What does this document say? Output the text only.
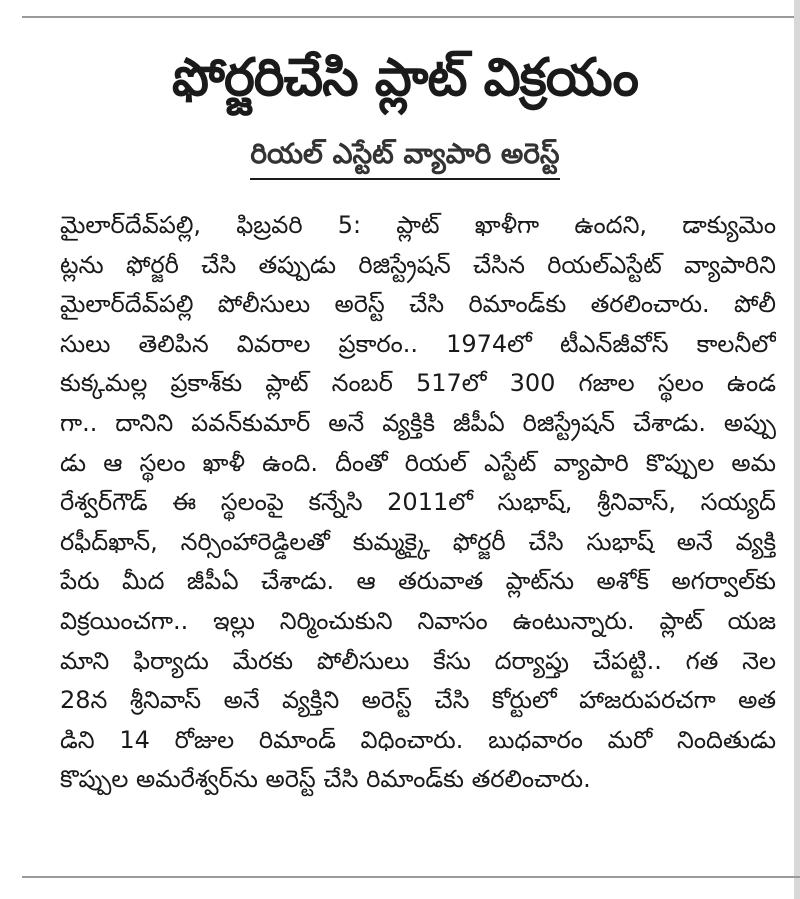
ఫోర్జరిచేసి ప్లాట్ విక్రయం
రియల్ ఎస్టేట్ వ్యాపారి అరెస్ట్
మైలార్‌దేవ్‌పల్లి, ఫిబ్రవరి 5: ప్లాట్ ఖాళీగా ఉందని, డాక్యుమెం
ట్లను ఫోర్జరీ చేసి తప్పుడు రిజిస్ట్రేషన్ చేసిన రియల్‌ఎస్టేట్ వ్యాపారిని
మైలార్‌దేవ్‌పల్లి పోలీసులు అరెస్ట్ చేసి రిమాండ్‌కు తరలించారు. పోలీ
సులు తెలిపిన వివరాల ప్రకారం.. 1974లో టీఎన్‌జీవోస్ కాలనీలో
కుక్కమల్ల ప్రకాశ్‌కు ప్లాట్ నంబర్ 517లో 300 గజాల స్థలం ఉండ
గా.. దానిని పవన్‌కుమార్ అనే వ్యక్తికి జీపీఏ రిజిస్ట్రేషన్ చేశాడు. అప్పు
డు ఆ స్థలం ఖాళీ ఉంది. దీంతో రియల్ ఎస్టేట్ వ్యాపారి కొప్పుల అమ
రేశ్వర్‌గౌడ్ ఈ స్థలంపై కన్నేసి 2011లో సుభాష్, శ్రీనివాస్, సయ్యద్
రఫీద్‌ఖాన్, నర్సింహారెడ్డిలతో కుమ్మక్కై ఫోర్జరీ చేసి సుభాష్ అనే వ్యక్తి
పేరు మీద జీపీఏ చేశాడు. ఆ తరువాత ప్లాట్‌ను అశోక్ అగర్వాల్‌కు
విక్రయించగా.. ఇల్లు నిర్మించుకుని నివాసం ఉంటున్నారు. ప్లాట్ యజ
మాని ఫిర్యాదు మేరకు పోలీసులు కేసు దర్యాప్తు చేపట్టి.. గత నెల
28న శ్రీనివాస్ అనే వ్యక్తిని అరెస్ట్ చేసి కోర్టులో హాజరుపరచగా అత
డిని 14 రోజుల రిమాండ్ విధించారు. బుధవారం మరో నిందితుడు
కొప్పుల అమరేశ్వర్‌ను అరెస్ట్ చేసి రిమాండ్‌కు తరలించారు.
